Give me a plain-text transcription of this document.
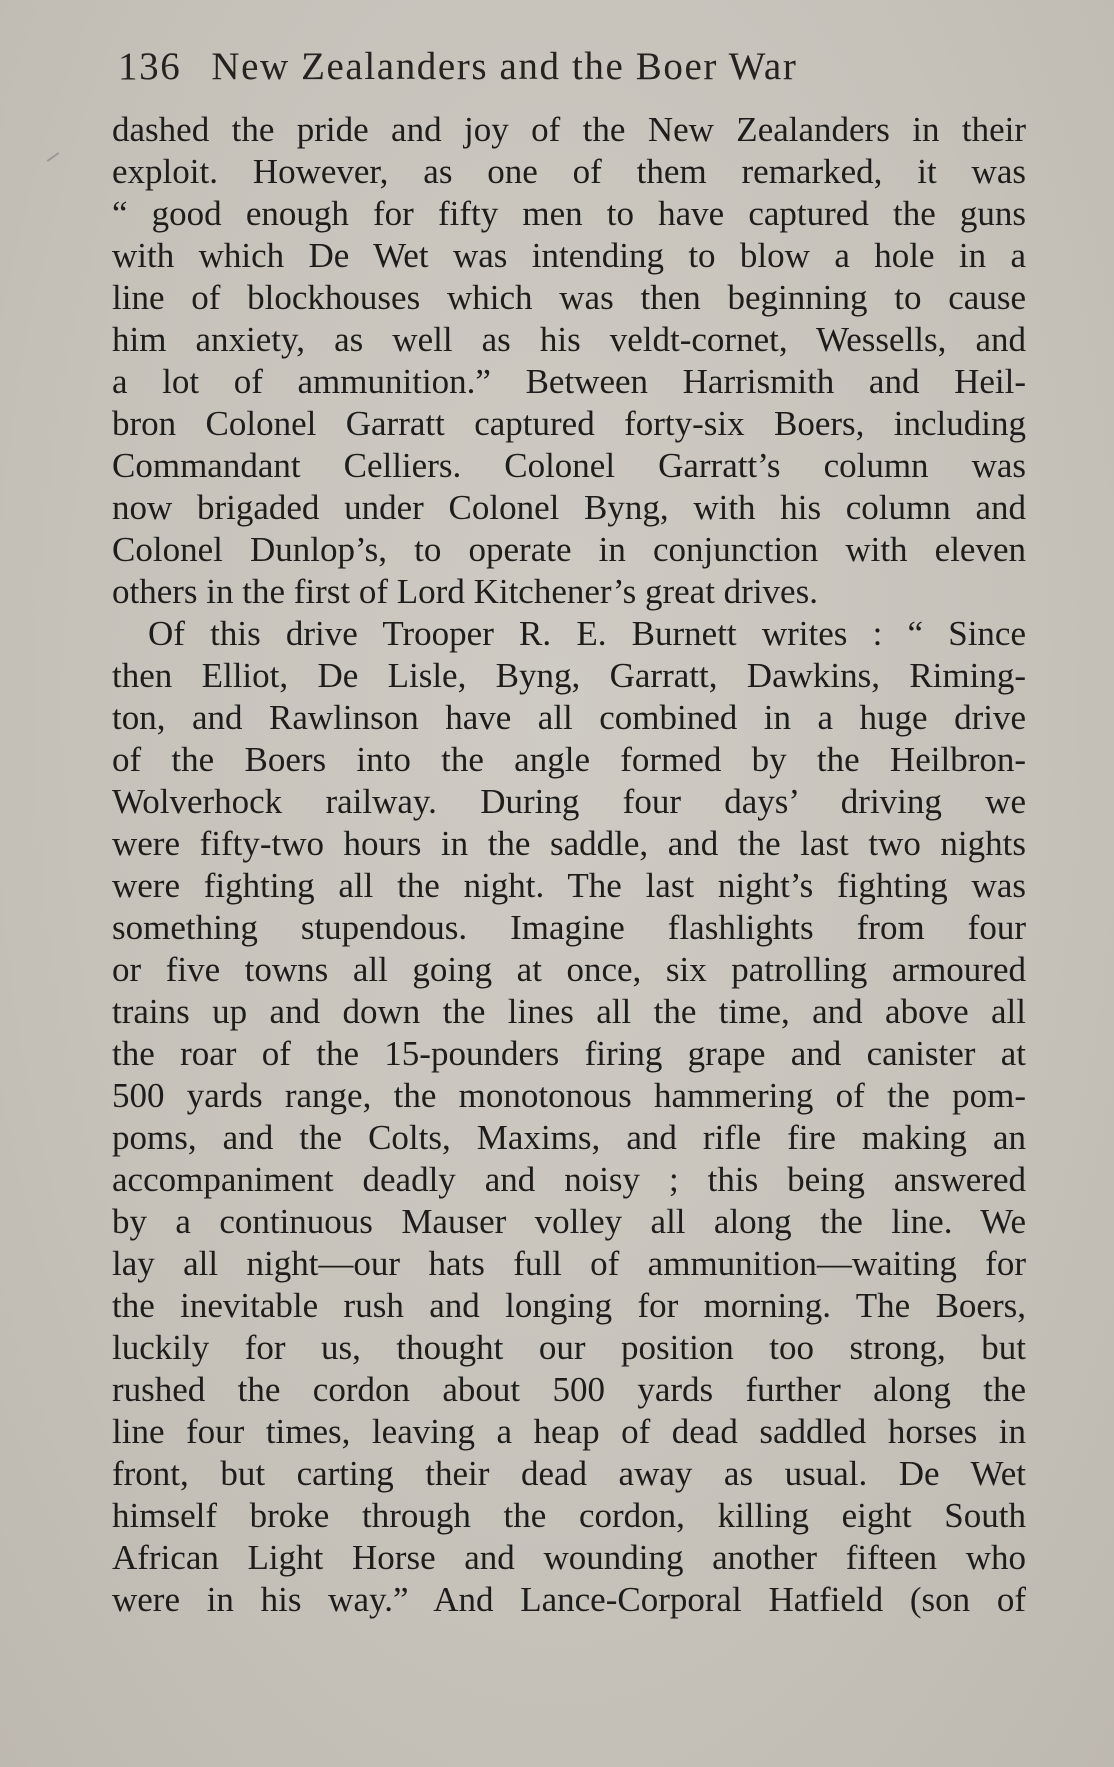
136 New Zealanders and the Boer War
dashed the pride and joy of the New Zealanders in their
exploit. However, as one of them remarked, it was
“ good enough for fifty men to have captured the guns
with which De Wet was intending to blow a hole in a
line of blockhouses which was then beginning to cause
him anxiety, as well as his veldt-cornet, Wessells, and
a lot of ammunition.” Between Harrismith and Heil-
bron Colonel Garratt captured forty-six Boers, including
Commandant Celliers. Colonel Garratt’s column was
now brigaded under Colonel Byng, with his column and
Colonel Dunlop’s, to operate in conjunction with eleven
others in the first of Lord Kitchener’s great drives.
Of this drive Trooper R. E. Burnett writes : “ Since
then Elliot, De Lisle, Byng, Garratt, Dawkins, Riming-
ton, and Rawlinson have all combined in a huge drive
of the Boers into the angle formed by the Heilbron-
Wolverhock railway. During four days’ driving we
were fifty-two hours in the saddle, and the last two nights
were fighting all the night. The last night’s fighting was
something stupendous. Imagine flashlights from four
or five towns all going at once, six patrolling armoured
trains up and down the lines all the time, and above all
the roar of the 15-pounders firing grape and canister at
500 yards range, the monotonous hammering of the pom-
poms, and the Colts, Maxims, and rifle fire making an
accompaniment deadly and noisy ; this being answered
by a continuous Mauser volley all along the line. We
lay all night—our hats full of ammunition—waiting for
the inevitable rush and longing for morning. The Boers,
luckily for us, thought our position too strong, but
rushed the cordon about 500 yards further along the
line four times, leaving a heap of dead saddled horses in
front, but carting their dead away as usual. De Wet
himself broke through the cordon, killing eight South
African Light Horse and wounding another fifteen who
were in his way.” And Lance-Corporal Hatfield (son of
